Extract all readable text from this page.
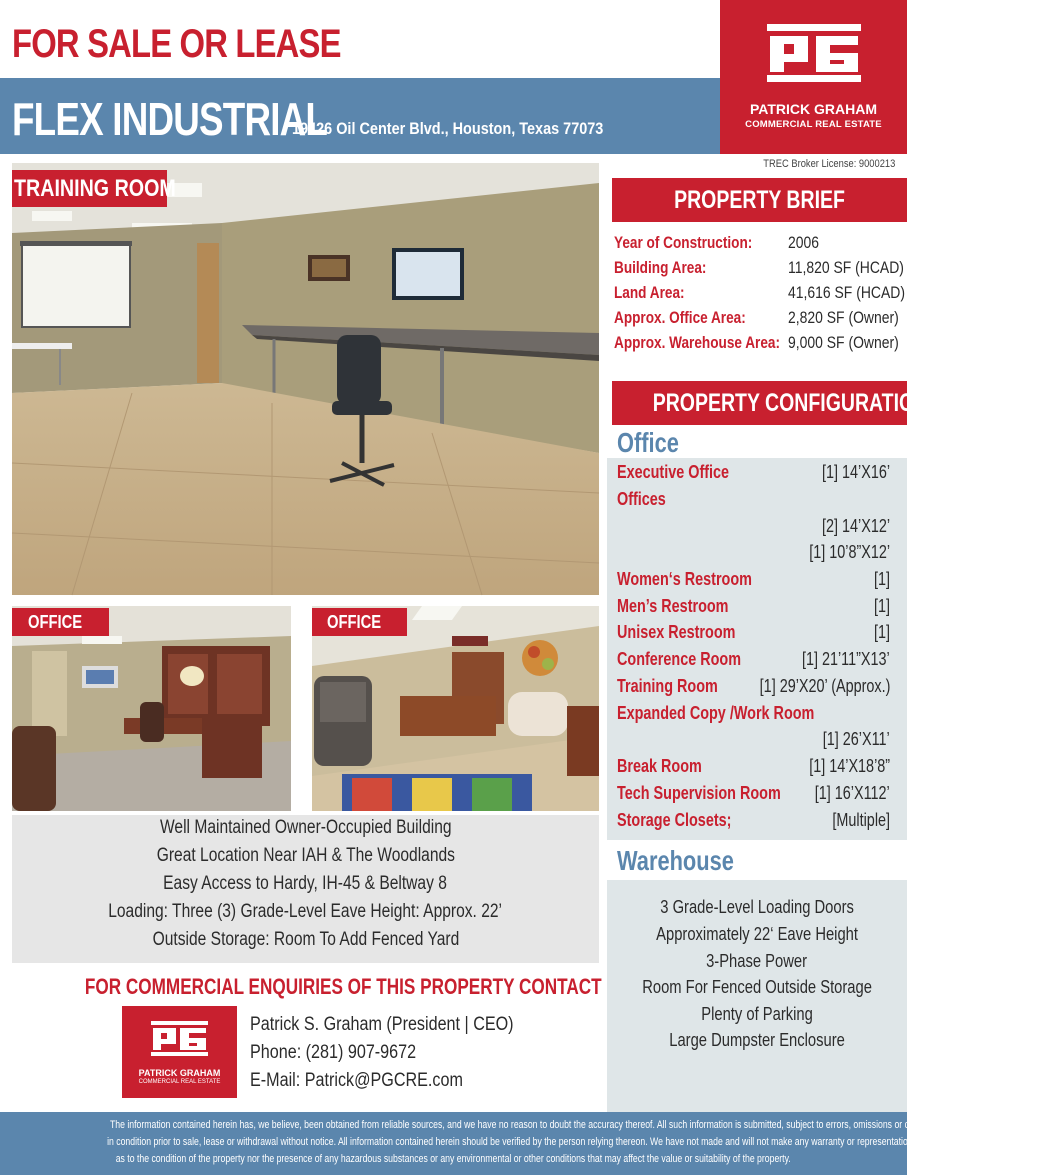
FOR SALE OR LEASE
FLEX INDUSTRIAL
19426 Oil Center Blvd., Houston, Texas 77073
PATRICK GRAHAM
COMMERCIAL REAL ESTATE
TREC Broker License: 9000213
TRAINING ROOM
OFFICE	OFFICE
Well Maintained Owner-Occupied Building
Great Location Near IAH & The Woodlands
Easy Access to Hardy, IH-45 & Beltway 8
Loading: Three (3) Grade-Level Eave Height: Approx. 22’
Outside Storage: Room To Add Fenced Yard
FOR COMMERCIAL ENQUIRIES OF THIS PROPERTY CONTACT
PATRICK GRAHAM
COMMERCIAL REAL ESTATE
Patrick S. Graham (President | CEO)
Phone: (281) 907-9672
E-Mail: Patrick@PGCRE.com
PROPERTY BRIEF
Year of Construction: 2006
Building Area:	11,820 SF (HCAD)
Land Area:	41,616 SF (HCAD)
Approx. Office Area: 2,820 SF (Owner)
Approx. Warehouse Area: 9,000 SF (Owner)
PROPERTY CONFIGURATIONS
Office
Executive Office	[1] 14’X16’
Offices
[2] 14’X12’
[1] 10’8”X12’
Women‘s Restroom	[1]
Men’s Restroom	[1]
Unisex Restroom	[1]
Conference Room	[1] 21’11”X13’
Training Room [1] 29’X20’ (Approx.)
Expanded Copy /Work Room
[1] 26’X11’
Break Room	[1] 14’X18’8”
Tech Supervision Room [1] 16’X112’
Storage Closets;	[Multiple]
Warehouse
3 Grade-Level Loading Doors
Approximately 22‘ Eave Height
3-Phase Power
Room For Fenced Outside Storage
Plenty of Parking
Large Dumpster Enclosure
The information contained herein has, we believe, been obtained from reliable sources, and we have no reason to doubt the accuracy thereof. All such information is submitted, subject to errors, omissions or changes
in condition prior to sale, lease or withdrawal without notice. All information contained herein should be verified by the person relying thereon. We have not made and will not make any warranty or representation
as to the condition of the property nor the presence of any hazardous substances or any environmental or other conditions that may affect the value or suitability of the property.
